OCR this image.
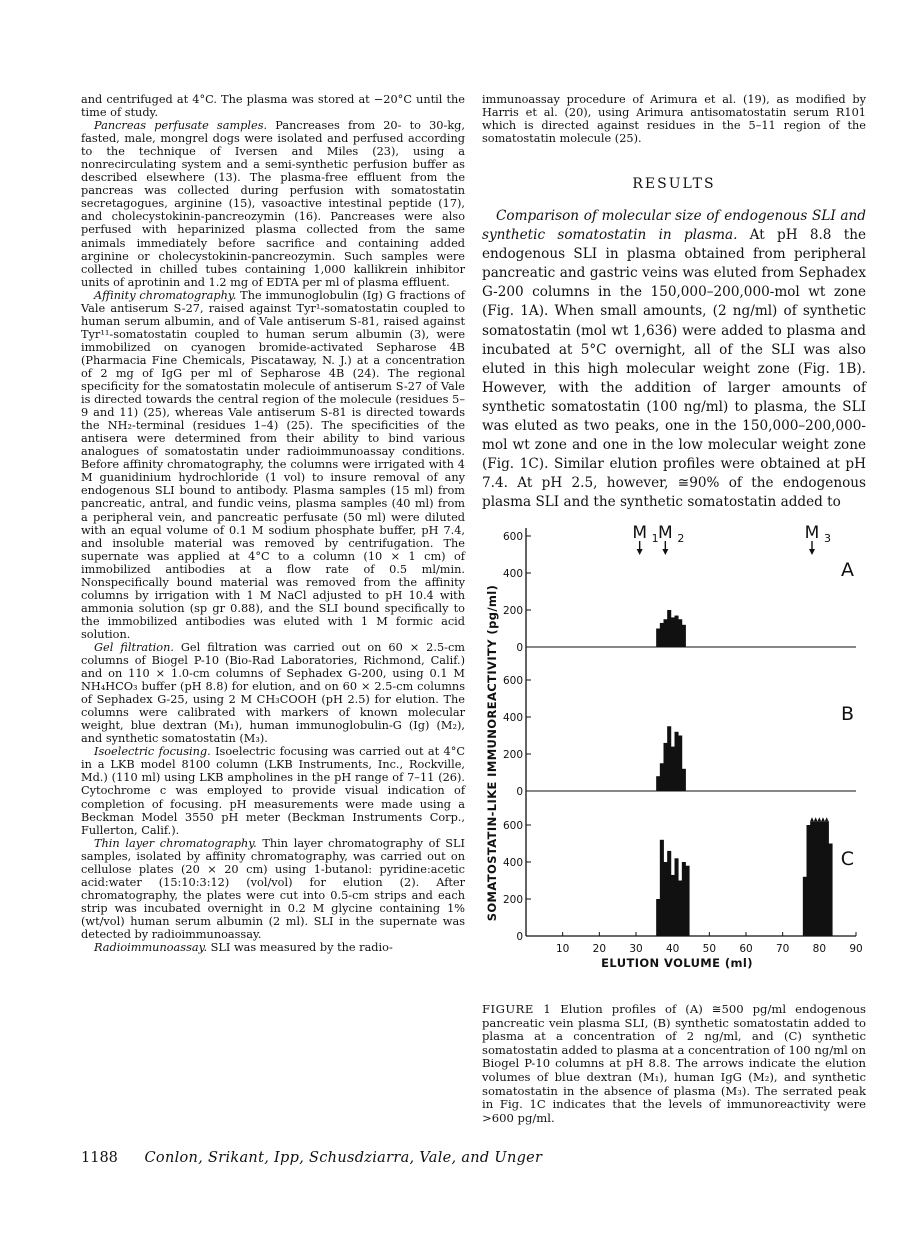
and centrifuged at 4°C. The plasma was stored at −20°C until the time of study.

Pancreas perfusate samples. Pancreases from 20- to 30-kg, fasted, male, mongrel dogs were isolated and perfused according to the technique of Iversen and Miles (23), using a nonrecirculating system and a semi-synthetic perfusion buffer as described elsewhere (13). The plasma-free effluent from the pancreas was collected during perfusion with somatostatin secretagogues, arginine (15), vasoactive intestinal peptide (17), and cholecystokinin-pancreozymin (16). Pancreases were also perfused with heparinized plasma collected from the same animals immediately before sacrifice and containing added arginine or cholecystokinin-pancreozymin. Such samples were collected in chilled tubes containing 1,000 kallikrein inhibitor units of aprotinin and 1.2 mg of EDTA per ml of plasma effluent.

Affinity chromatography. The immunoglobulin (Ig) G fractions of Vale antiserum S-27, raised against Tyr¹-somatostatin coupled to human serum albumin, and of Vale antiserum S-81, raised against Tyr¹¹-somatostatin coupled to human serum albumin (3), were immobilized on cyanogen bromide-activated Sepharose 4B (Pharmacia Fine Chemicals, Piscataway, N. J.) at a concentration of 2 mg of IgG per ml of Sepharose 4B (24). The regional specificity for the somatostatin molecule of antiserum S-27 of Vale is directed towards the central region of the molecule (residues 5–9 and 11) (25), whereas Vale antiserum S-81 is directed towards the NH₂-terminal (residues 1–4) (25). The specificities of the antisera were determined from their ability to bind various analogues of somatostatin under radioimmunoassay conditions. Before affinity chromatography, the columns were irrigated with 4 M guanidinium hydrochloride (1 vol) to insure removal of any endogenous SLI bound to antibody. Plasma samples (15 ml) from pancreatic, antral, and fundic veins, plasma samples (40 ml) from a peripheral vein, and pancreatic perfusate (50 ml) were diluted with an equal volume of 0.1 M sodium phosphate buffer, pH 7.4, and insoluble material was removed by centrifugation. The supernate was applied at 4°C to a column (10 × 1 cm) of immobilized antibodies at a flow rate of 0.5 ml/min. Nonspecifically bound material was removed from the affinity columns by irrigation with 1 M NaCl adjusted to pH 10.4 with ammonia solution (sp gr 0.88), and the SLI bound specifically to the immobilized antibodies was eluted with 1 M formic acid solution.

Gel filtration. Gel filtration was carried out on 60 × 2.5-cm columns of Biogel P-10 (Bio-Rad Laboratories, Richmond, Calif.) and on 110 × 1.0-cm columns of Sephadex G-200, using 0.1 M NH₄HCO₃ buffer (pH 8.8) for elution, and on 60 × 2.5-cm columns of Sephadex G-25, using 2 M CH₃COOH (pH 2.5) for elution. The columns were calibrated with markers of known molecular weight, blue dextran (M₁), human immunoglobulin-G (Ig) (M₂), and synthetic somatostatin (M₃).

Isoelectric focusing. Isoelectric focusing was carried out at 4°C in a LKB model 8100 column (LKB Instruments, Inc., Rockville, Md.) (110 ml) using LKB ampholines in the pH range of 7–11 (26). Cytochrome c was employed to provide visual indication of completion of focusing. pH measurements were made using a Beckman Model 3550 pH meter (Beckman Instruments Corp., Fullerton, Calif.).

Thin layer chromatography. Thin layer chromatography of SLI samples, isolated by affinity chromatography, was carried out on cellulose plates (20 × 20 cm) using 1-butanol: pyridine:acetic acid:water (15:10:3:12) (vol/vol) for elution (2). After chromatography, the plates were cut into 0.5-cm strips and each strip was incubated overnight in 0.2 M glycine containing 1% (wt/vol) human serum albumin (2 ml). SLI in the supernate was detected by radioimmunoassay.

Radioimmunoassay. SLI was measured by the radio-

immunoassay procedure of Arimura et al. (19), as modified by Harris et al. (20), using Arimura antisomatostatin serum R101 which is directed against residues in the 5–11 region of the somatostatin molecule (25).

RESULTS

Comparison of molecular size of endogenous SLI and synthetic somatostatin in plasma. At pH 8.8 the endogenous SLI in plasma obtained from peripheral pancreatic and gastric veins was eluted from Sephadex G-200 columns in the 150,000–200,000-mol wt zone (Fig. 1A). When small amounts, (2 ng/ml) of synthetic somatostatin (mol wt 1,636) were added to plasma and incubated at 5°C overnight, all of the SLI was also eluted in this high molecular weight zone (Fig. 1B). However, with the addition of larger amounts of synthetic somatostatin (100 ng/ml) to plasma, the SLI was eluted as two peaks, one in the 150,000–200,000-mol wt zone and one in the low molecular weight zone (Fig. 1C). Similar elution profiles were obtained at pH 7.4. At pH 2.5, however, ≅90% of the endogenous plasma SLI and the synthetic somatostatin added to

SOMATOSTATIN-LIKE IMMUNOREACTIVITY (pg/ml)
ELUTION VOLUME (ml)
0
200
400
600
A
0
200
400
600
B
0
200
400
600
C
10 20 30 40 50 60 70 80 90
M 1 M 2	M 3
FIGURE 1 Elution profiles of (A) ≅500 pg/ml endogenous pancreatic vein plasma SLI, (B) synthetic somatostatin added to plasma at a concentration of 2 ng/ml, and (C) synthetic somatostatin added to plasma at a concentration of 100 ng/ml on Biogel P-10 columns at pH 8.8. The arrows indicate the elution volumes of blue dextran (M₁), human IgG (M₂), and synthetic somatostatin in the absence of plasma (M₃). The serrated peak in Fig. 1C indicates that the levels of immunoreactivity were >600 pg/ml.
1188 Conlon, Srikant, Ipp, Schusdziarra, Vale, and Unger
